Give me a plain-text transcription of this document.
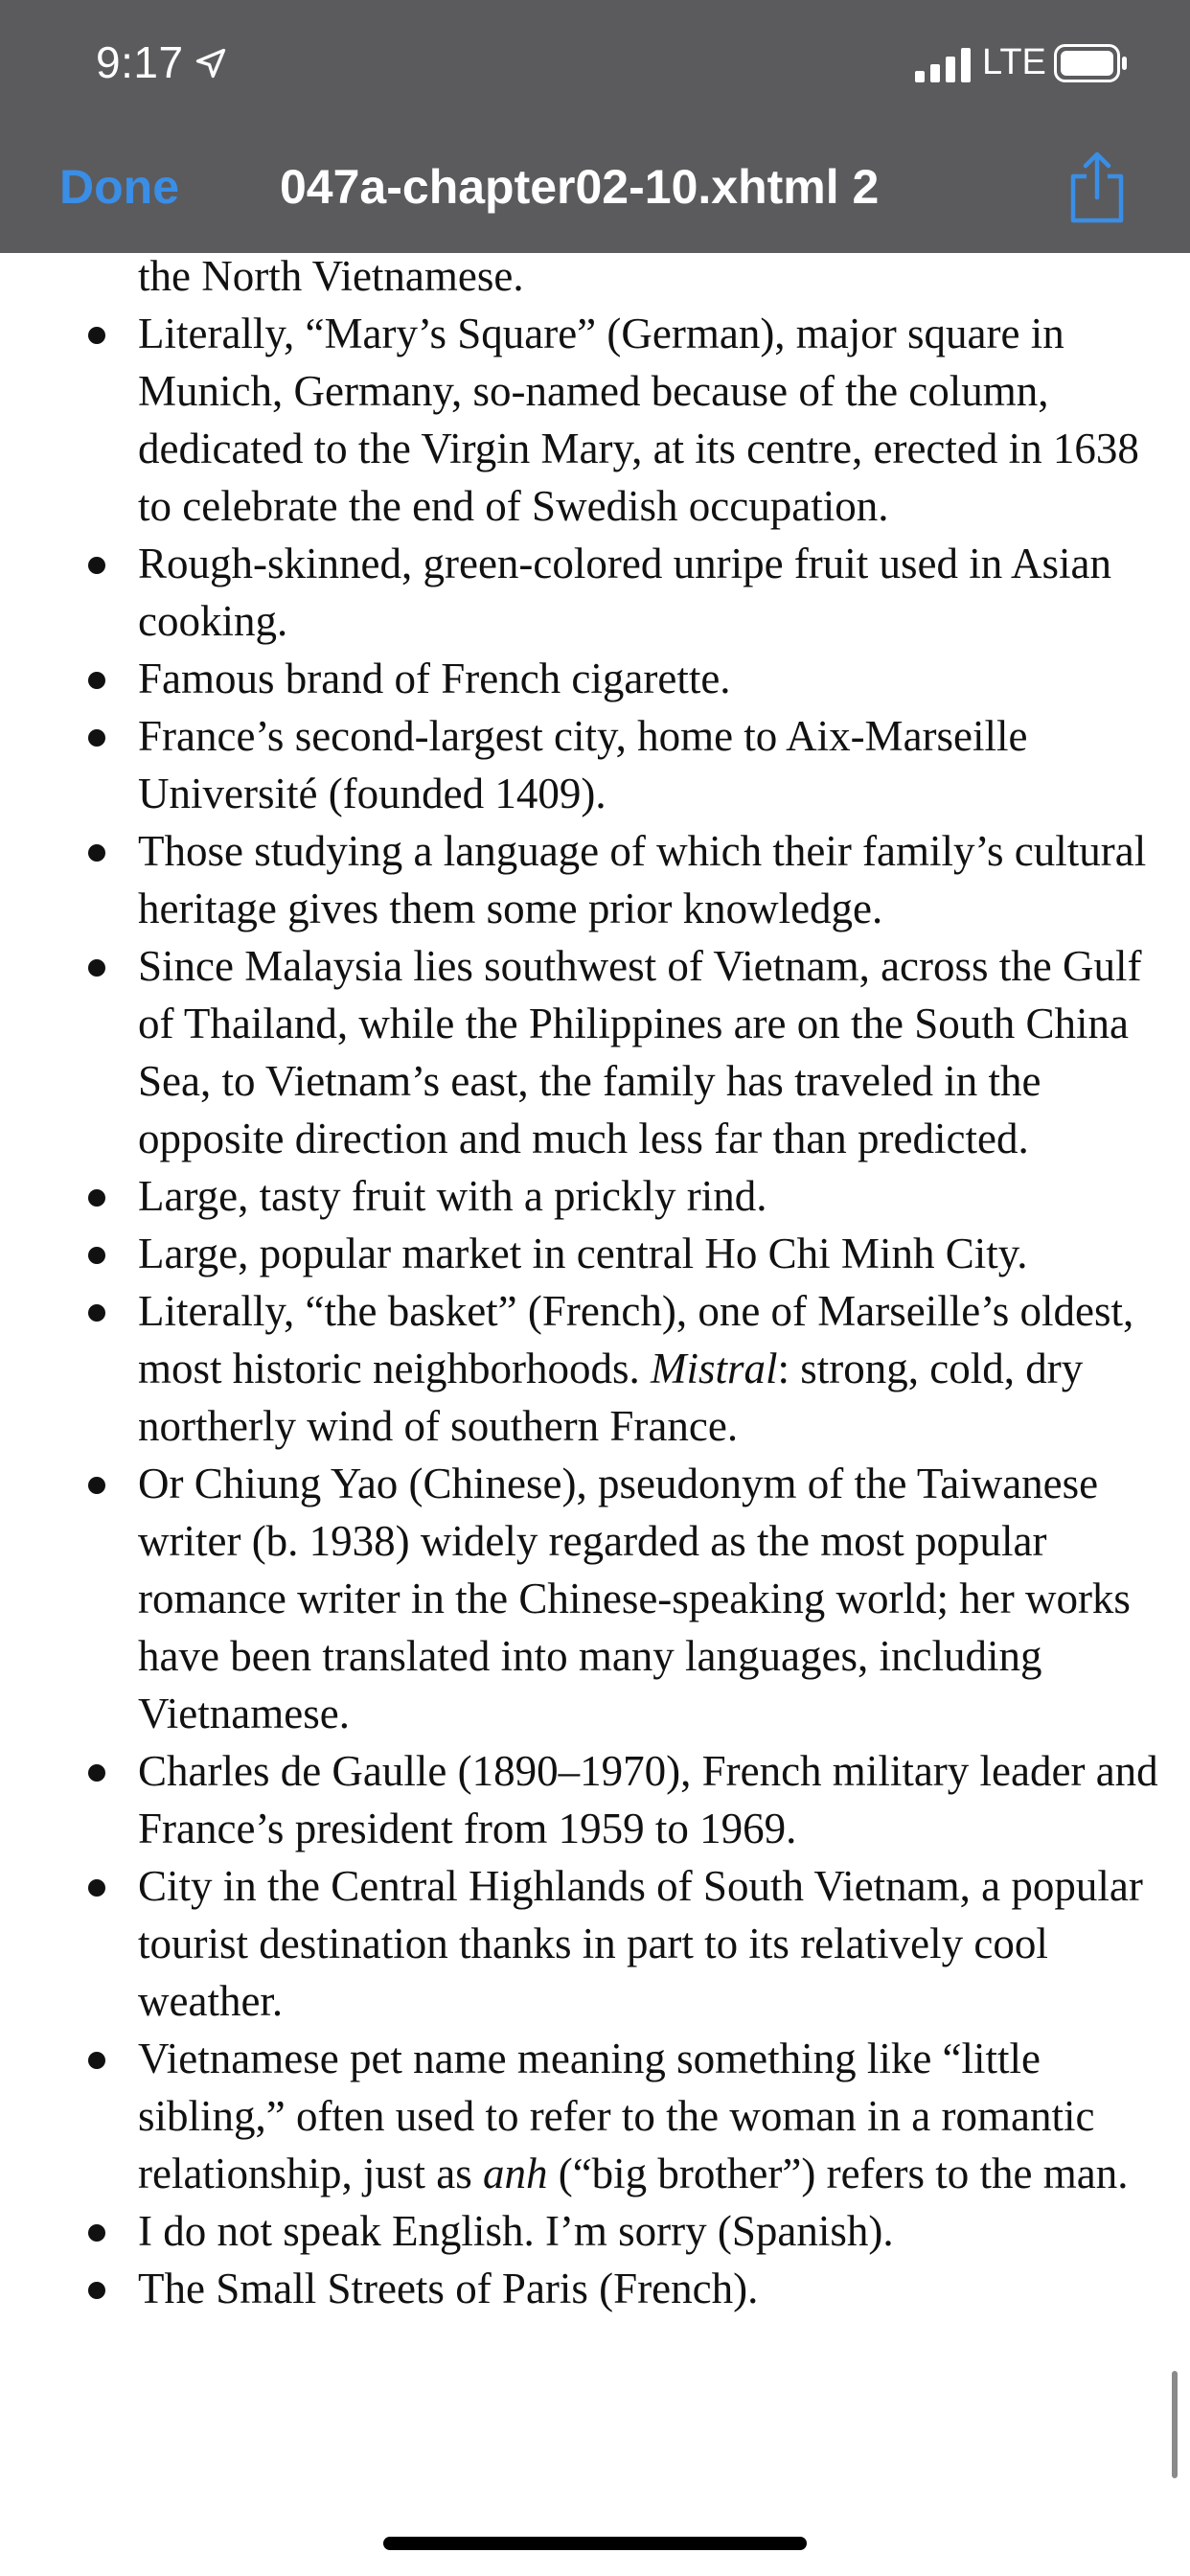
9:17	LTE
Done 047a-chapter02-10.xhtml 2

the North Vietnamese.

Literally, “Mary’s Square” (German), major square in Munich, Germany, so-named because of the column, dedicated to the Virgin Mary, at its centre, erected in 1638 to celebrate the end of Swedish occupation.
Rough-skinned, green-colored unripe fruit used in Asian cooking.
Famous brand of French cigarette.
France’s second-largest city, home to Aix-Marseille Université (founded 1409).
Those studying a language of which their family’s cultural heritage gives them some prior knowledge.
Since Malaysia lies southwest of Vietnam, across the Gulf of Thailand, while the Philippines are on the South China Sea, to Vietnam’s east, the family has traveled in the opposite direction and much less far than predicted.
Large, tasty fruit with a prickly rind.
Large, popular market in central Ho Chi Minh City.
Literally, “the basket” (French), one of Marseille’s oldest, most historic neighborhoods. Mistral: strong, cold, dry northerly wind of southern France.
Or Chiung Yao (Chinese), pseudonym of the Taiwanese writer (b. 1938) widely regarded as the most popular romance writer in the Chinese-speaking world; her works have been translated into many languages, including Vietnamese.
Charles de Gaulle (1890–1970), French military leader and France’s president from 1959 to 1969.
City in the Central Highlands of South Vietnam, a popular tourist destination thanks in part to its relatively cool weather.
Vietnamese pet name meaning something like “little sibling,” often used to refer to the woman in a romantic relationship, just as anh (“big brother”) refers to the man.
I do not speak English. I’m sorry (Spanish).
The Small Streets of Paris (French).
